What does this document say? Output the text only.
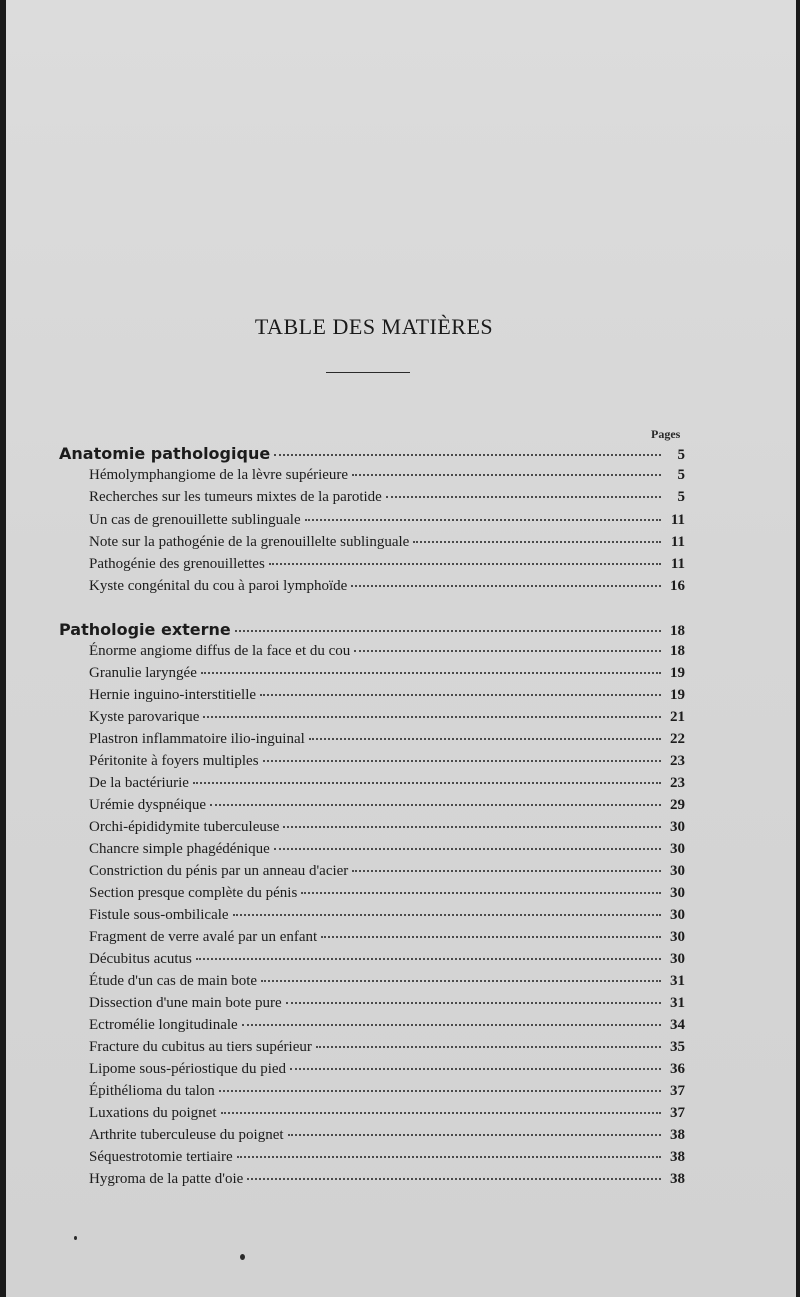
TABLE DES MATIÈRES
Pages
Anatomie pathologique	5
Hémolymphangiome de la lèvre supérieure	5
Recherches sur les tumeurs mixtes de la parotide	5
Un cas de grenouillette sublinguale	11
Note sur la pathogénie de la grenouillelte sublinguale	11
Pathogénie des grenouillettes	11
Kyste congénital du cou à paroi lymphoïde	16
Pathologie externe	18
Énorme angiome diffus de la face et du cou	18
Granulie laryngée	19
Hernie inguino-interstitielle	19
Kyste parovarique	21
Plastron inflammatoire ilio-inguinal	22
Péritonite à foyers multiples	23
De la bactériurie	23
Urémie dyspnéique	29
Orchi-épididymite tuberculeuse	30
Chancre simple phagédénique	30
Constriction du pénis par un anneau d'acier	30
Section presque complète du pénis	30
Fistule sous-ombilicale	30
Fragment de verre avalé par un enfant	30
Décubitus acutus	30
Étude d'un cas de main bote	31
Dissection d'une main bote pure	31
Ectromélie longitudinale	34
Fracture du cubitus au tiers supérieur	35
Lipome sous-périostique du pied	36
Épithélioma du talon	37
Luxations du poignet	37
Arthrite tuberculeuse du poignet	38
Séquestrotomie tertiaire	38
Hygroma de la patte d'oie	38
